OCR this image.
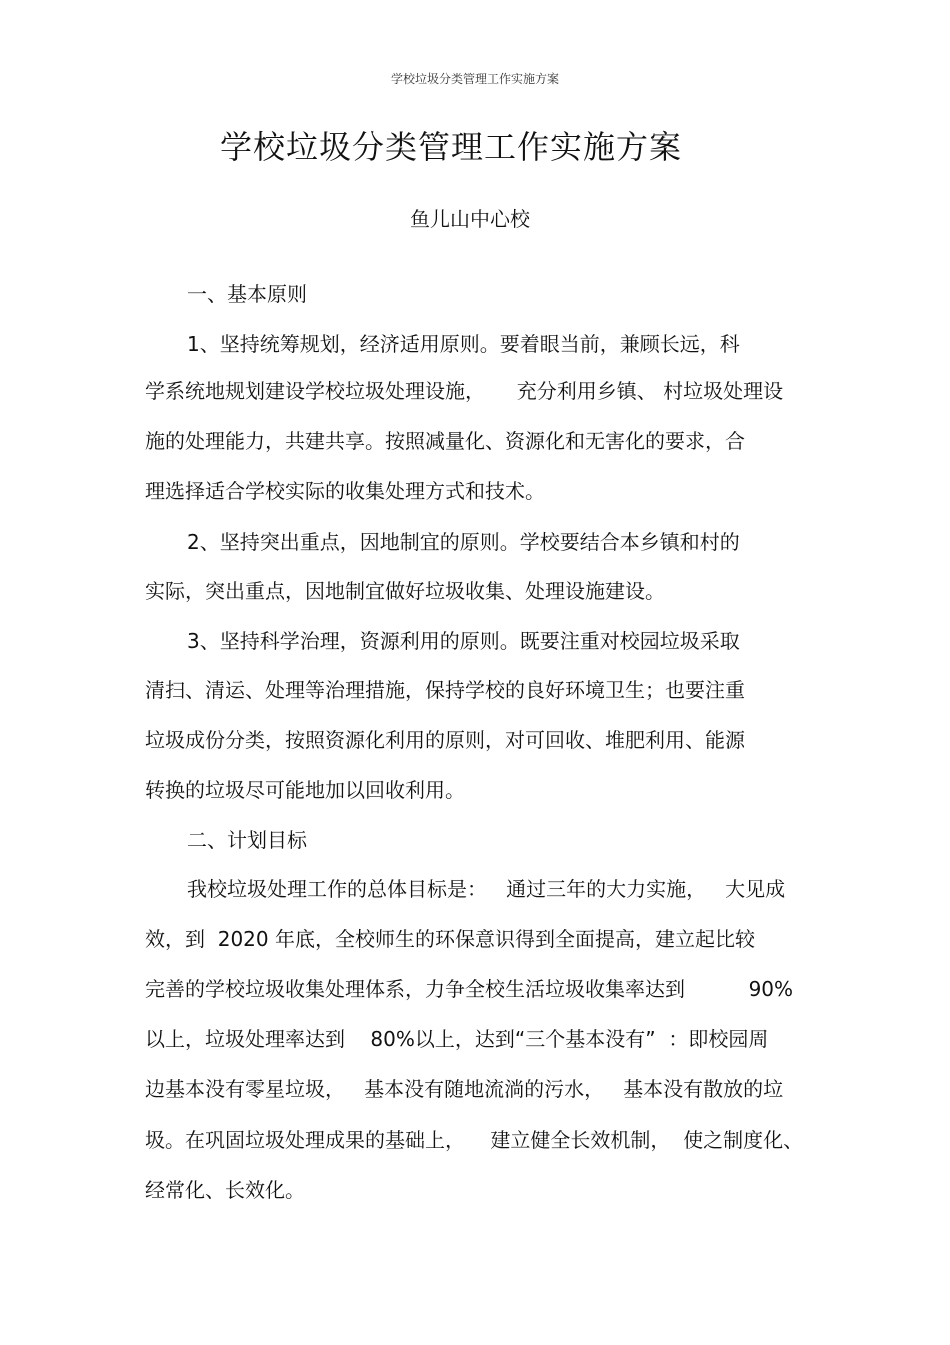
学校垃圾分类管理工作实施方案
学校垃圾分类管理工作实施方案
鱼儿山中心校
一、基本原则
1、坚持统筹规划，经济适用原则。要着眼当前，兼顾长远，科
学系统地规划建设学校垃圾处理设施，     充分利用乡镇、 村垃圾处理设
施的处理能力，共建共享。按照减量化、资源化和无害化的要求，合
理选择适合学校实际的收集处理方式和技术。
2、坚持突出重点，因地制宜的原则。学校要结合本乡镇和村的
实际，突出重点，因地制宜做好垃圾收集、处理设施建设。
3、坚持科学治理，资源利用的原则。既要注重对校园垃圾采取
清扫、清运、处理等治理措施，保持学校的良好环境卫生；也要注重
垃圾成份分类，按照资源化利用的原则，对可回收、堆肥利用、能源
转换的垃圾尽可能地加以回收利用。
二、计划目标
我校垃圾处理工作的总体目标是：   通过三年的大力实施，   大见成
效，到  2020 年底，全校师生的环保意识得到全面提高，建立起比较
完善的学校垃圾收集处理体系，力争全校生活垃圾收集率达到          90%
以上，垃圾处理率达到    80%以上，达到“三个基本没有”  ：即校园周
边基本没有零星垃圾，   基本没有随地流淌的污水，   基本没有散放的垃
圾。在巩固垃圾处理成果的基础上，    建立健全长效机制，  使之制度化、
经常化、长效化。
